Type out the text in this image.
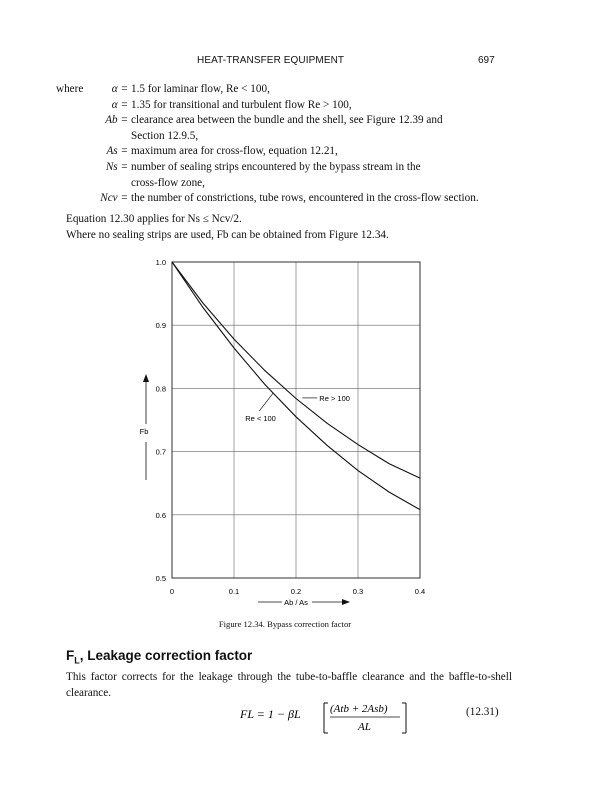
HEAT-TRANSFER EQUIPMENT	697
where	α = 1.5 for laminar flow, Re < 100,
α = 1.35 for transitional and turbulent flow Re > 100,
Ab = clearance area between the bundle and the shell, see Figure 12.39 and
Section 12.9.5,
As = maximum area for cross-flow, equation 12.21,
Ns = number of sealing strips encountered by the bypass stream in the
cross-flow zone,
Ncv = the number of constrictions, tube rows, encountered in the cross-flow section.
Equation 12.30 applies for Ns ≤ Ncv/2.
Where no sealing strips are used, Fb can be obtained from Figure 12.34.
0	0.1	0.2	0.3	0.4
0.5
0.6
0.7
0.8
0.9
1.0
Re > 100
Re < 100
Fb
Ab / As
Figure 12.34. Bypass correction factor
$F_L$, Leakage correction factor
This factor corrects for the leakage through the tube-to-baffle clearance and the baffle-to-shell clearance.
FL = 1 − βL	(Atb + 2Asb)
AL
(12.31)
